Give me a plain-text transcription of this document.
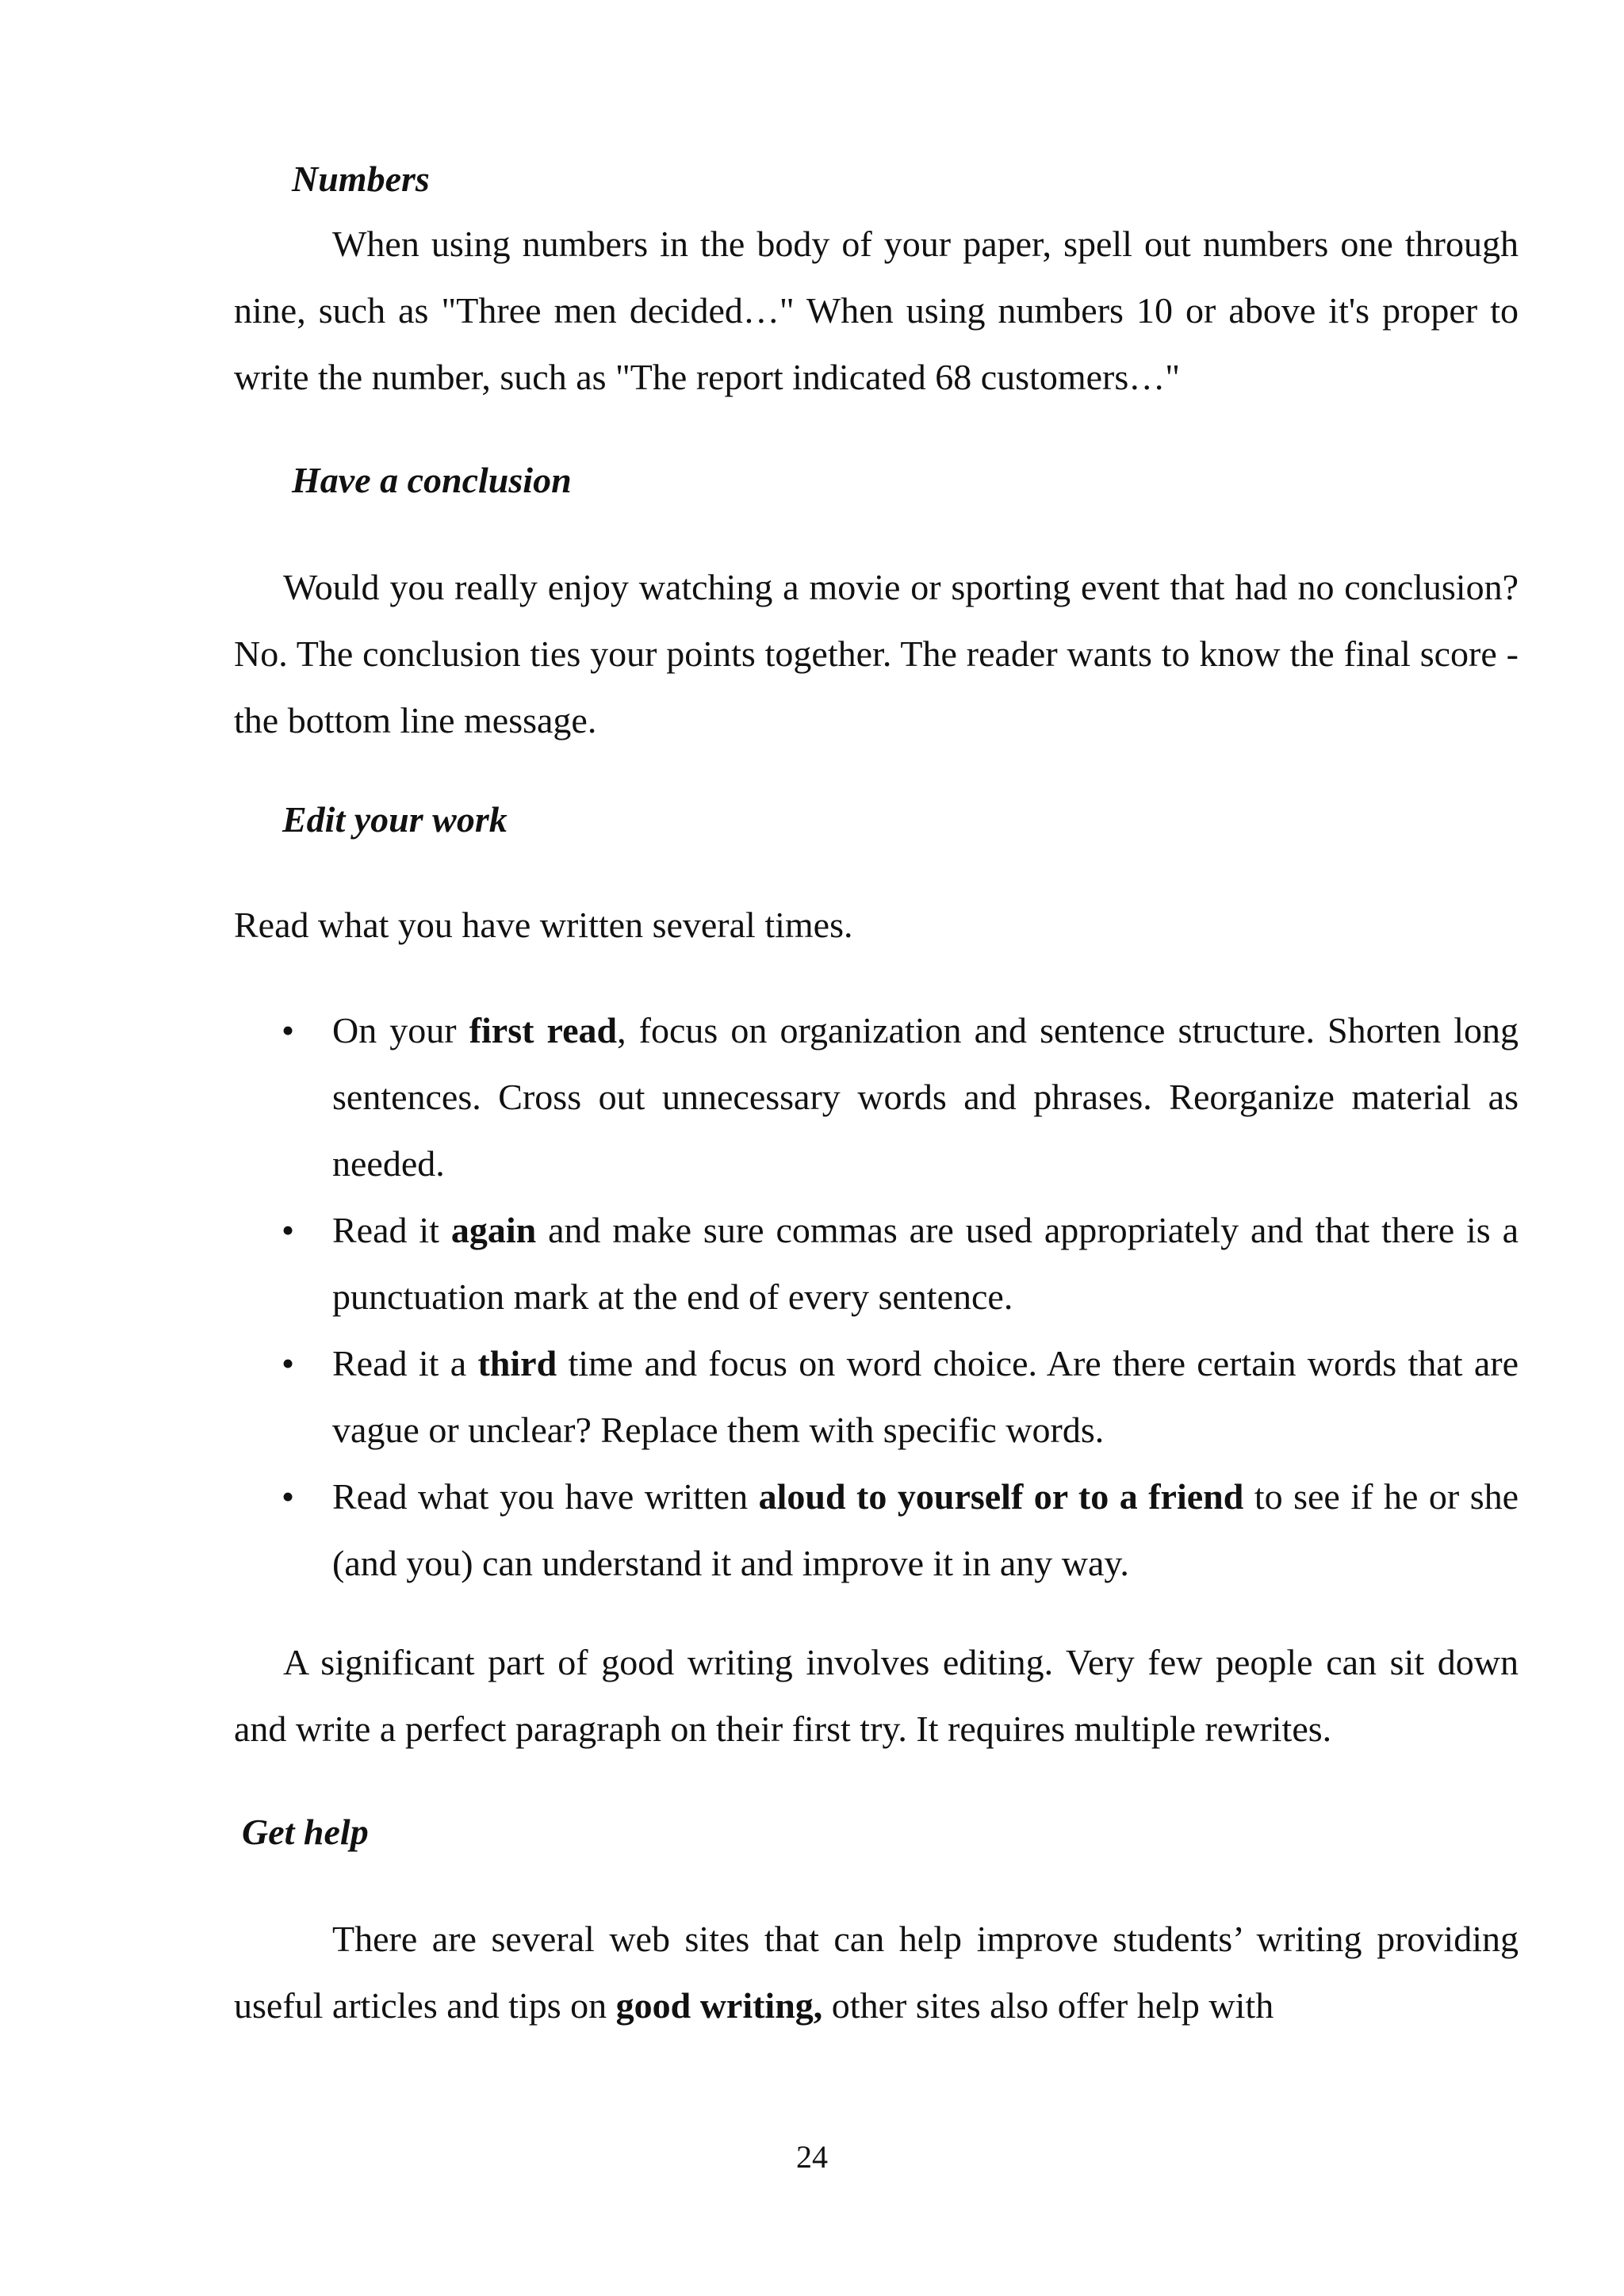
Numbers

When using numbers in the body of your paper, spell out numbers one through nine, such as "Three men decided…" When using numbers 10 or above it's proper to write the number, such as "The report indicated 68 customers…"

Have a conclusion

Would you really enjoy watching a movie or sporting event that had no conclusion? No. The conclusion ties your points together. The reader wants to know the final score - the bottom line message.

Edit your work

Read what you have written several times.

•	On your first read, focus on organization and sentence structure. Shorten long sentences. Cross out unnecessary words and phrases. Reorganize material as needed.
•	Read it again and make sure commas are used appropriately and that there is a punctuation mark at the end of every sentence.
•	Read it a third time and focus on word choice. Are there certain words that are vague or unclear? Replace them with specific words.
•	Read what you have written aloud to yourself or to a friend to see if he or she (and you) can understand it and improve it in any way.

A significant part of good writing involves editing. Very few people can sit down and write a perfect paragraph on their first try. It requires multiple rewrites.

Get help

There are several web sites that can help improve students’ writing providing useful articles and tips on good writing, other sites also offer help with

24
